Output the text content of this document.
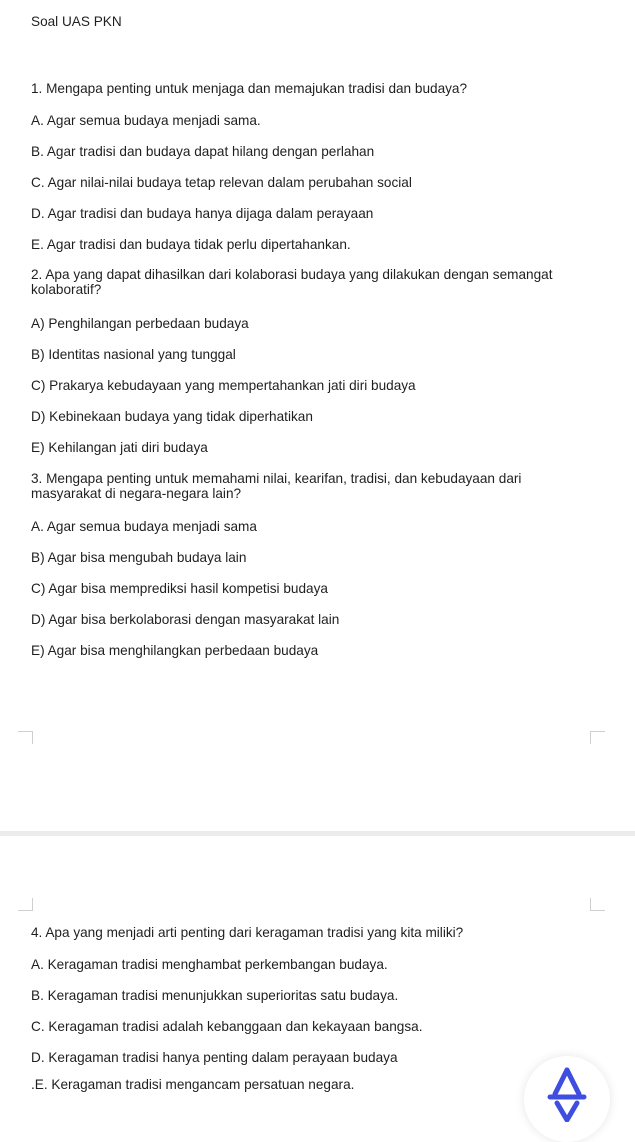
Soal UAS PKN
1. Mengapa penting untuk menjaga dan memajukan tradisi dan budaya?
A. Agar semua budaya menjadi sama.
B. Agar tradisi dan budaya dapat hilang dengan perlahan
C. Agar nilai-nilai budaya tetap relevan dalam perubahan social
D. Agar tradisi dan budaya hanya dijaga dalam perayaan
E. Agar tradisi dan budaya tidak perlu dipertahankan.
2. Apa yang dapat dihasilkan dari kolaborasi budaya yang dilakukan dengan semangat kolaboratif?
A) Penghilangan perbedaan budaya
B) Identitas nasional yang tunggal
C) Prakarya kebudayaan yang mempertahankan jati diri budaya
D) Kebinekaan budaya yang tidak diperhatikan
E) Kehilangan jati diri budaya
3. Mengapa penting untuk memahami nilai, kearifan, tradisi, dan kebudayaan dari masyarakat di negara-negara lain?
A. Agar semua budaya menjadi sama
B) Agar bisa mengubah budaya lain
C) Agar bisa memprediksi hasil kompetisi budaya
D) Agar bisa berkolaborasi dengan masyarakat lain
E) Agar bisa menghilangkan perbedaan budaya
4. Apa yang menjadi arti penting dari keragaman tradisi yang kita miliki?
A. Keragaman tradisi menghambat perkembangan budaya.
B. Keragaman tradisi menunjukkan superioritas satu budaya.
C. Keragaman tradisi adalah kebanggaan dan kekayaan bangsa.
D. Keragaman tradisi hanya penting dalam perayaan budaya
.E. Keragaman tradisi mengancam persatuan negara.
